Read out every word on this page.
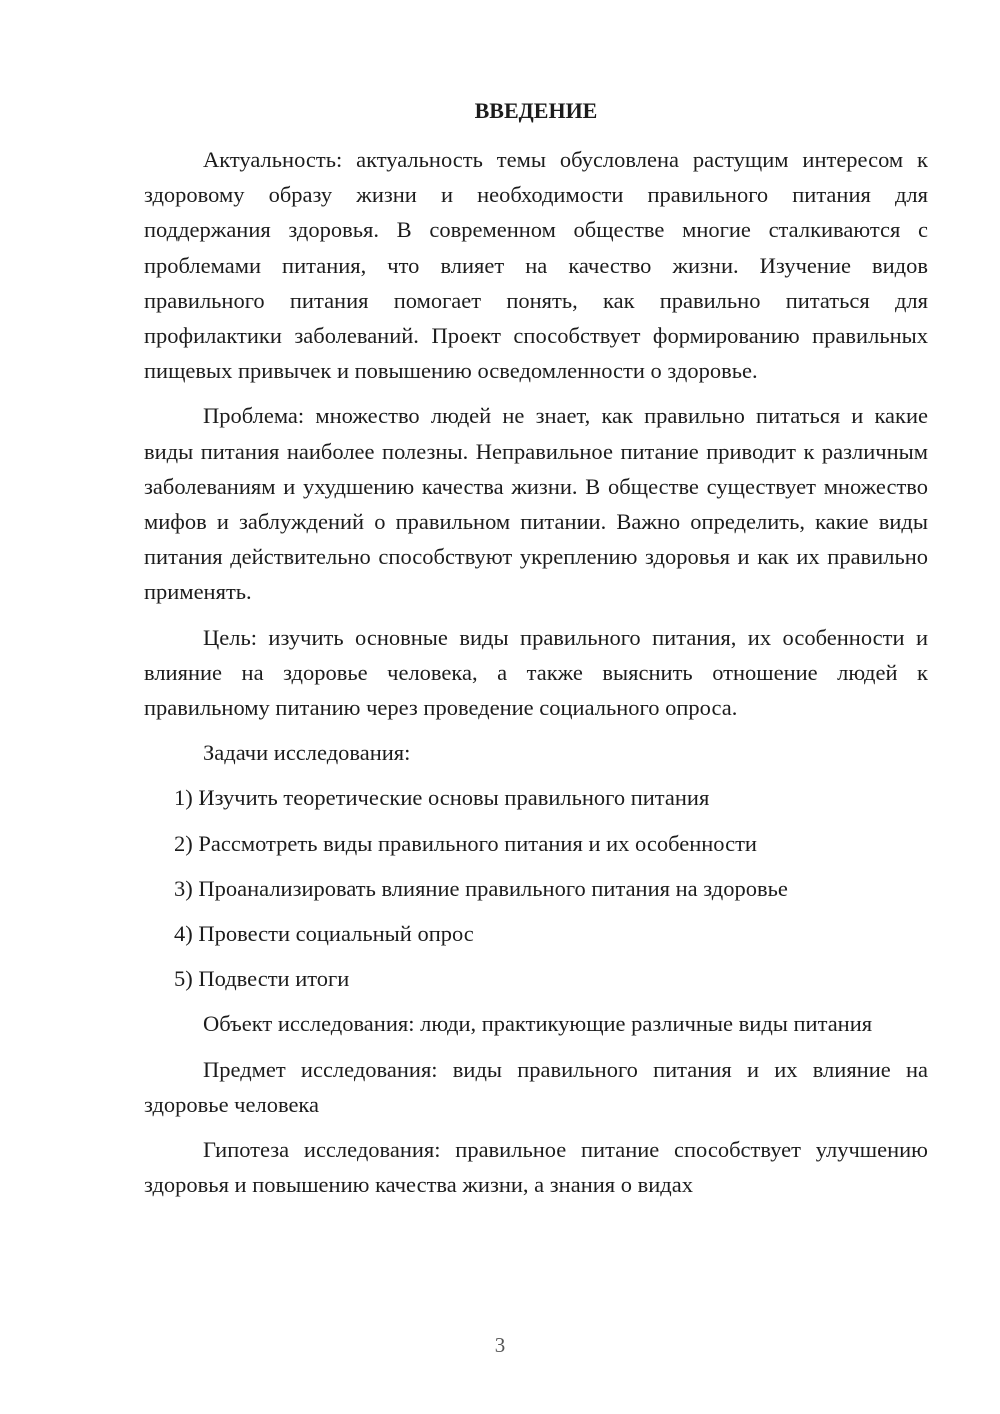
ВВЕДЕНИЕ

Актуальность: актуальность темы обусловлена растущим интересом к здоровому образу жизни и необходимости правильного питания для поддержания здоровья. В современном обществе многие сталкиваются с проблемами питания, что влияет на качество жизни. Изучение видов правильного питания помогает понять, как правильно питаться для профилактики заболеваний. Проект способствует формированию правильных пищевых привычек и повышению осведомленности о здоровье.

Проблема: множество людей не знает, как правильно питаться и какие виды питания наиболее полезны. Неправильное питание приводит к различным заболеваниям и ухудшению качества жизни. В обществе существует множество мифов и заблуждений о правильном питании. Важно определить, какие виды питания действительно способствуют укреплению здоровья и как их правильно применять.

Цель: изучить основные виды правильного питания, их особенности и влияние на здоровье человека, а также выяснить отношение людей к правильному питанию через проведение социального опроса.

Задачи исследования:

1) Изучить теоретические основы правильного питания
2) Рассмотреть виды правильного питания и их особенности
3) Проанализировать влияние правильного питания на здоровье
4) Провести социальный опрос
5) Подвести итоги

Объект исследования: люди, практикующие различные виды питания

Предмет исследования: виды правильного питания и их влияние на здоровье человека

Гипотеза исследования: правильное питание способствует улучшению здоровья и повышению качества жизни, а знания о видах

3
